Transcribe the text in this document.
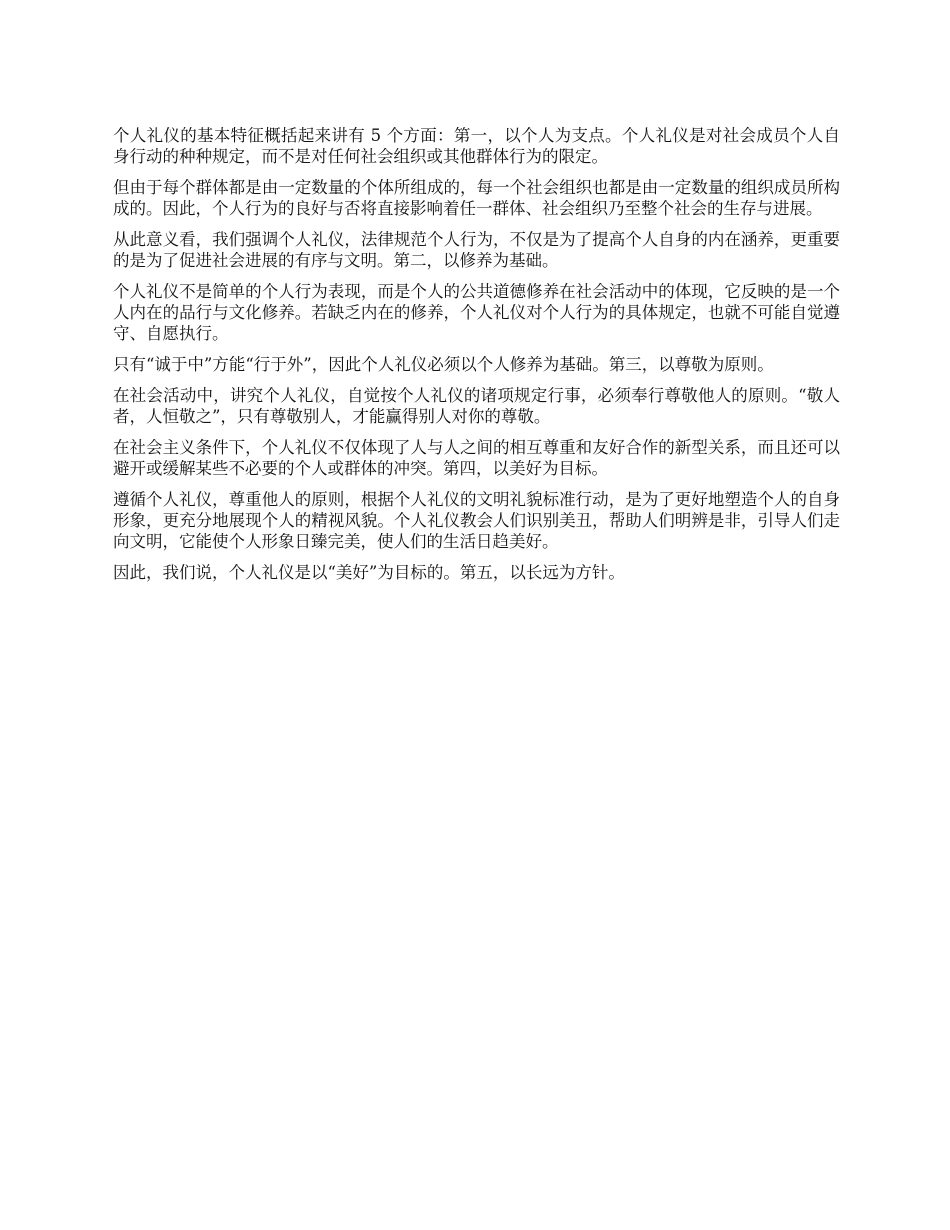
个人礼仪的基本特征概括起来讲有 5 个方面：第一，以个人为支点。个人礼仪是对社会成员个人自身行动的种种规定，而不是对任何社会组织或其他群体行为的限定。

但由于每个群体都是由一定数量的个体所组成的，每一个社会组织也都是由一定数量的组织成员所构成的。因此，个人行为的良好与否将直接影响着任一群体、社会组织乃至整个社会的生存与进展。

从此意义看，我们强调个人礼仪，法律规范个人行为，不仅是为了提高个人自身的内在涵养，更重要的是为了促进社会进展的有序与文明。第二，以修养为基础。

个人礼仪不是简单的个人行为表现，而是个人的公共道德修养在社会活动中的体现，它反映的是一个人内在的品行与文化修养。若缺乏内在的修养，个人礼仪对个人行为的具体规定，也就不可能自觉遵守、自愿执行。

只有“诚于中”方能“行于外”，因此个人礼仪必须以个人修养为基础。第三，以尊敬为原则。

在社会活动中，讲究个人礼仪，自觉按个人礼仪的诸项规定行事，必须奉行尊敬他人的原则。“敬人者，人恒敬之”，只有尊敬别人，才能赢得别人对你的尊敬。

在社会主义条件下，个人礼仪不仅体现了人与人之间的相互尊重和友好合作的新型关系，而且还可以避开或缓解某些不必要的个人或群体的冲突。第四，以美好为目标。

遵循个人礼仪，尊重他人的原则，根据个人礼仪的文明礼貌标准行动，是为了更好地塑造个人的自身形象，更充分地展现个人的精视风貌。个人礼仪教会人们识别美丑，帮助人们明辨是非，引导人们走向文明，它能使个人形象日臻完美，使人们的生活日趋美好。

因此，我们说，个人礼仪是以“美好”为目标的。第五，以长远为方针。
